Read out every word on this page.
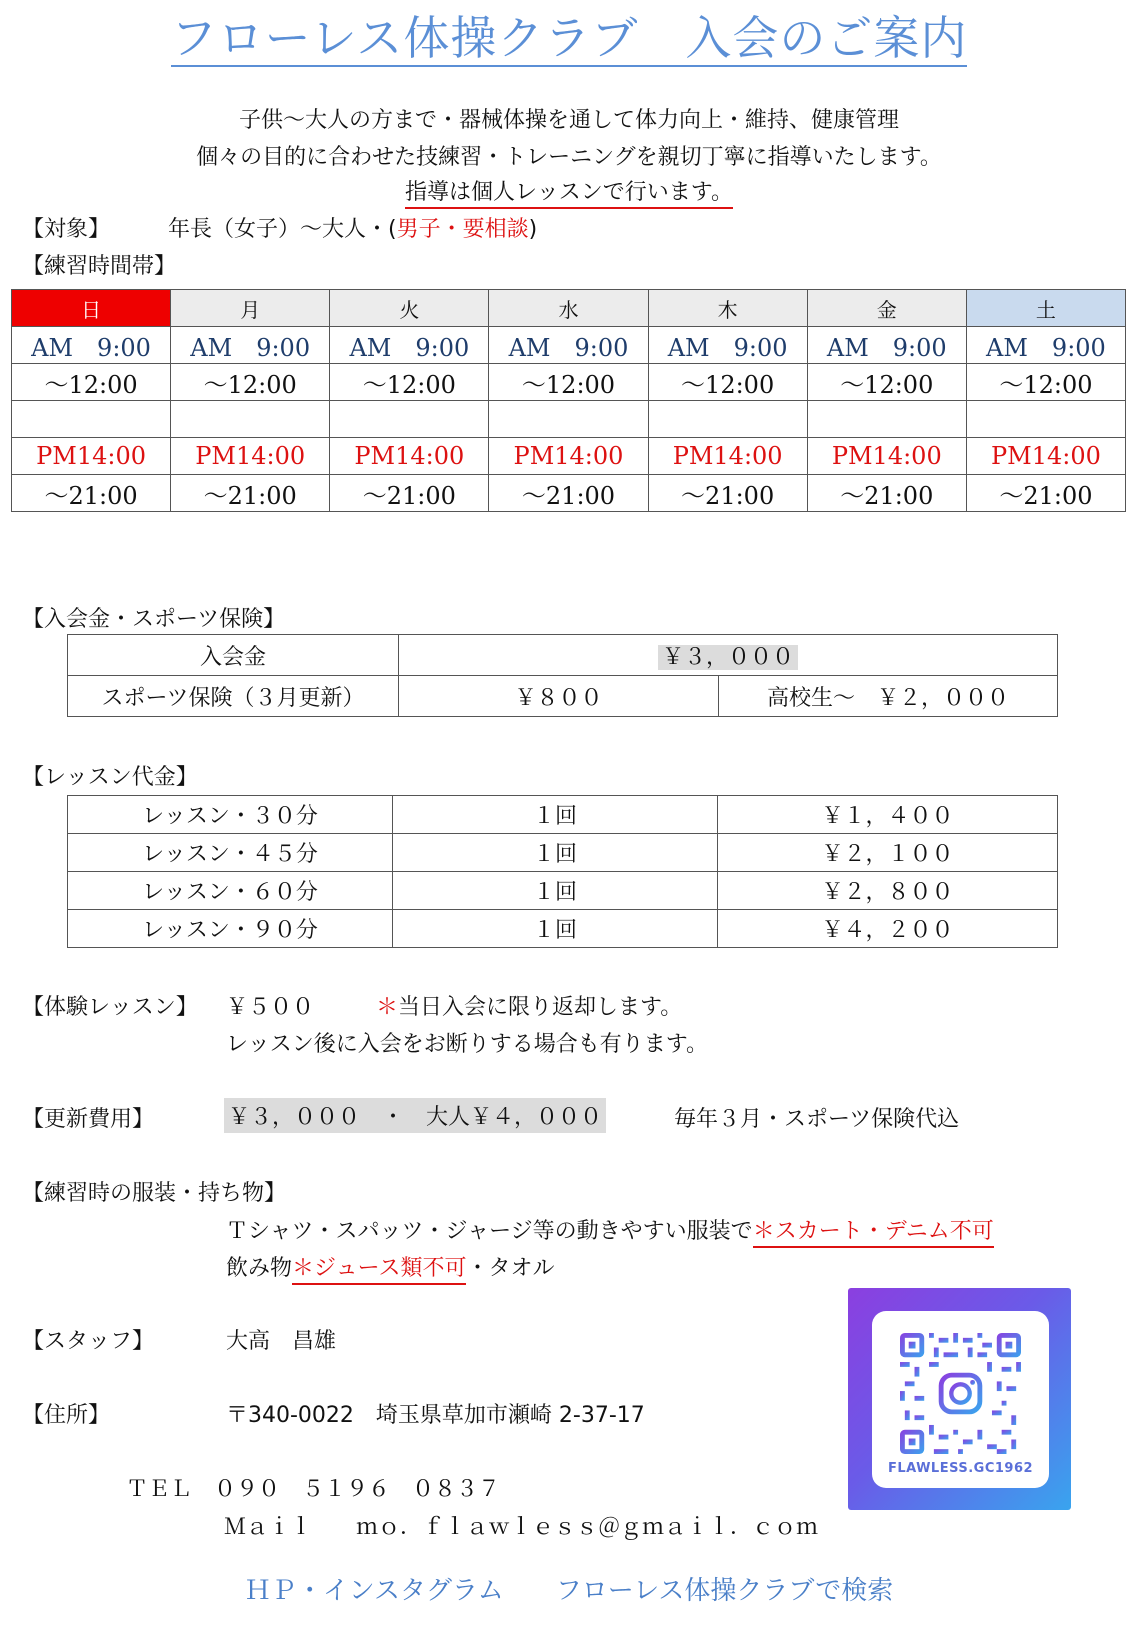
フローレス体操クラブ　入会のご案内
子供～大人の方まで・器械体操を通して体力向上・維持、健康管理
個々の目的に合わせた技練習・トレーニングを親切丁寧に指導いたします。
指導は個人レッスンで行います。
【対象】	年長（女子）～大人・(男子・要相談)
【練習時間帯】
日	月	火	水	木	金	土
AM　9:00	AM　9:00	AM　9:00	AM　9:00	AM　9:00	AM　9:00	AM　9:00
～12:00	～12:00	～12:00	～12:00	～12:00	～12:00	～12:00

PM14:00	PM14:00	PM14:00	PM14:00	PM14:00	PM14:00	PM14:00
～21:00	～21:00	～21:00	～21:00	～21:00	～21:00	～21:00
【入会金・スポーツ保険】
入会金	￥３，０００	
スポーツ保険（３月更新）	￥８００	高校生～　￥２，０００
【レッスン代金】
レッスン・３０分	１回	￥１，４００
レッスン・４５分	１回	￥２，１００
レッスン・６０分	１回	￥２，８００
レッスン・９０分	１回	￥４，２００
【体験レッスン】 ￥５００	＊当日入会に限り返却します。
レッスン後に入会をお断りする場合も有ります。
【更新費用】	￥３，０００　・　大人￥４，０００	毎年３月・スポーツ保険代込
【練習時の服装・持ち物】
Ｔシャツ・スパッツ・ジャージ等の動きやすい服装で＊スカート・デニム不可
飲み物＊ジュース類不可・タオル
【スタッフ】	大高　昌雄
【住所】	〒340-0022　埼玉県草加市瀬崎 2-37-17
ＴＥＬ　０９０　５１９６　０８３７
Ｍａｉｌ　　ｍｏ．ｆｌａｗｌｅｓｓ＠ｇｍａｉｌ．ｃｏｍ
FLAWLESS.GC1962
ＨＰ・インスタグラム　　フローレス体操クラブで検索
